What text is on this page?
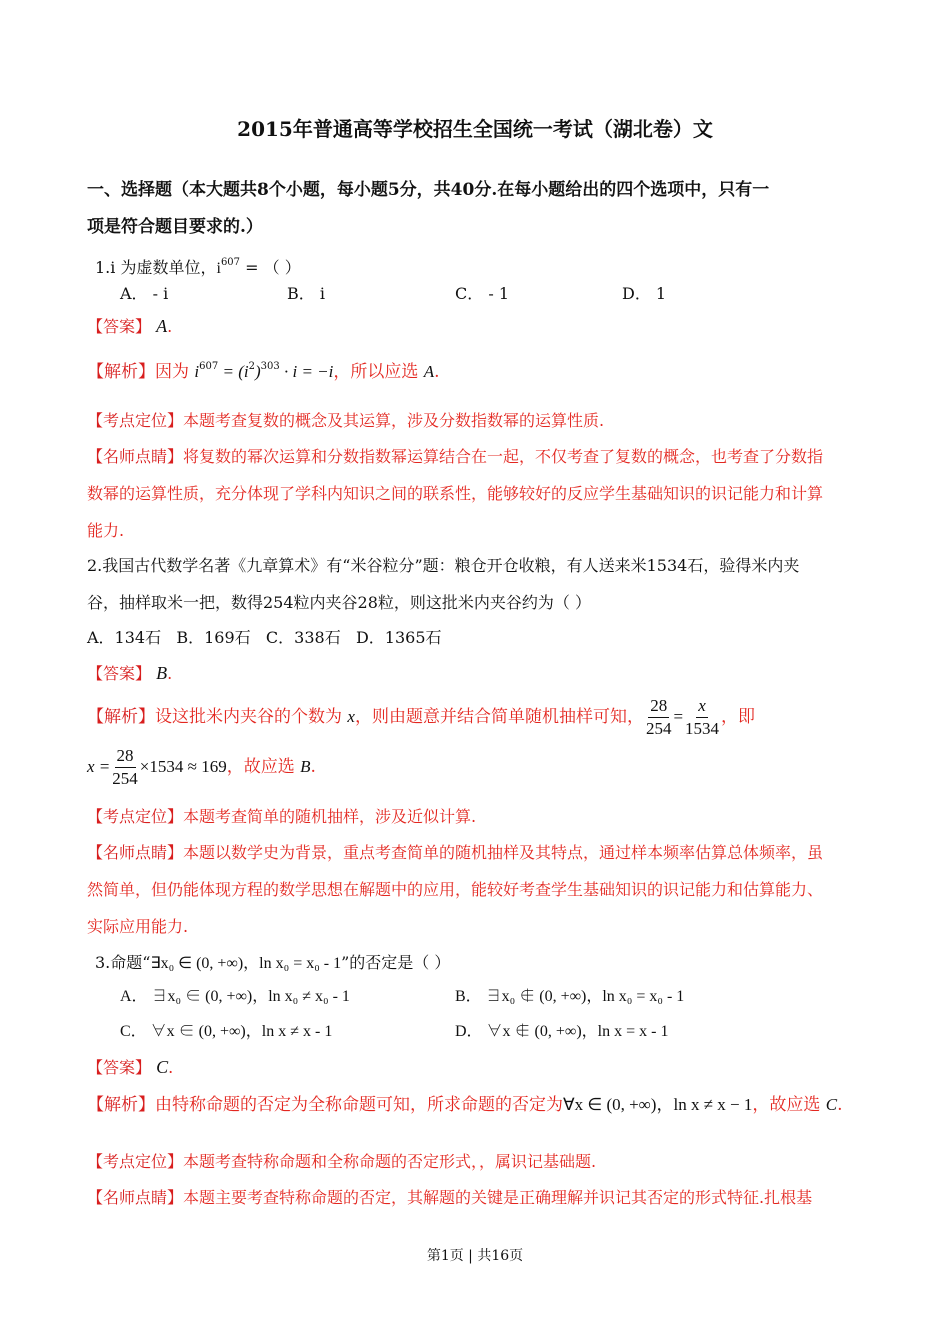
2015年普通高等学校招生全国统一考试（湖北卷）文
一、选择题（本大题共8个小题，每小题5分，共40分.在每小题给出的四个选项中，只有一
项是符合题目要求的.）
1.i 为虚数单位，$i^{607}$ = （ ）
A． - i	B． i	C． - 1	D． 1
【答案】 A.
【解析】因为 $i^{607} = (i^2)^{303} \cdot i = -i$，所以应选 A.
【考点定位】本题考查复数的概念及其运算，涉及分数指数幂的运算性质.
【名师点睛】将复数的幂次运算和分数指数幂运算结合在一起，不仅考查了复数的概念，也考查了分数指
数幂的运算性质，充分体现了学科内知识之间的联系性，能够较好的反应学生基础知识的识记能力和计算
能力.
2.我国古代数学名著《九章算术》有“米谷粒分”题：粮仓开仓收粮，有人送来米1534石，验得米内夹
谷，抽样取米一把，数得254粒内夹谷28粒，则这批米内夹谷约为（ ）
A．134石   B．169石   C．338石   D．1365石
【答案】 B.
【解析】设这批米内夹谷的个数为 x，则由题意并结合简单随机抽样可知， $\frac{28}{254} = \frac{x}{1534}$ ，即
$x = \frac{28}{254} \times 1534 \approx 169$，故应选 B.
【考点定位】本题考查简单的随机抽样，涉及近似计算.
【名师点睛】本题以数学史为背景，重点考查简单的随机抽样及其特点，通过样本频率估算总体频率，虽
然简单，但仍能体现方程的数学思想在解题中的应用，能较好考查学生基础知识的识记能力和估算能力、
实际应用能力.
3.命题“∃x₀ ∈ (0, +∞)，ln x₀ = x₀ - 1”的否定是（ ）
A． ∃x₀ ∈ (0, +∞)，ln x₀ ≠ x₀ - 1	B． ∃x₀ ∉ (0, +∞)，ln x₀ = x₀ - 1
C． ∀x ∈ (0, +∞)，ln x ≠ x - 1	D． ∀x ∉ (0, +∞)，ln x = x - 1
【答案】 C.
【解析】由特称命题的否定为全称命题可知，所求命题的否定为∀x ∈ (0, +∞)，ln x ≠ x − 1，故应选 C.
【考点定位】本题考查特称命题和全称命题的否定形式，，属识记基础题.
【名师点睛】本题主要考查特称命题的否定，其解题的关键是正确理解并识记其否定的形式特征.扎根基
第1页 | 共16页
